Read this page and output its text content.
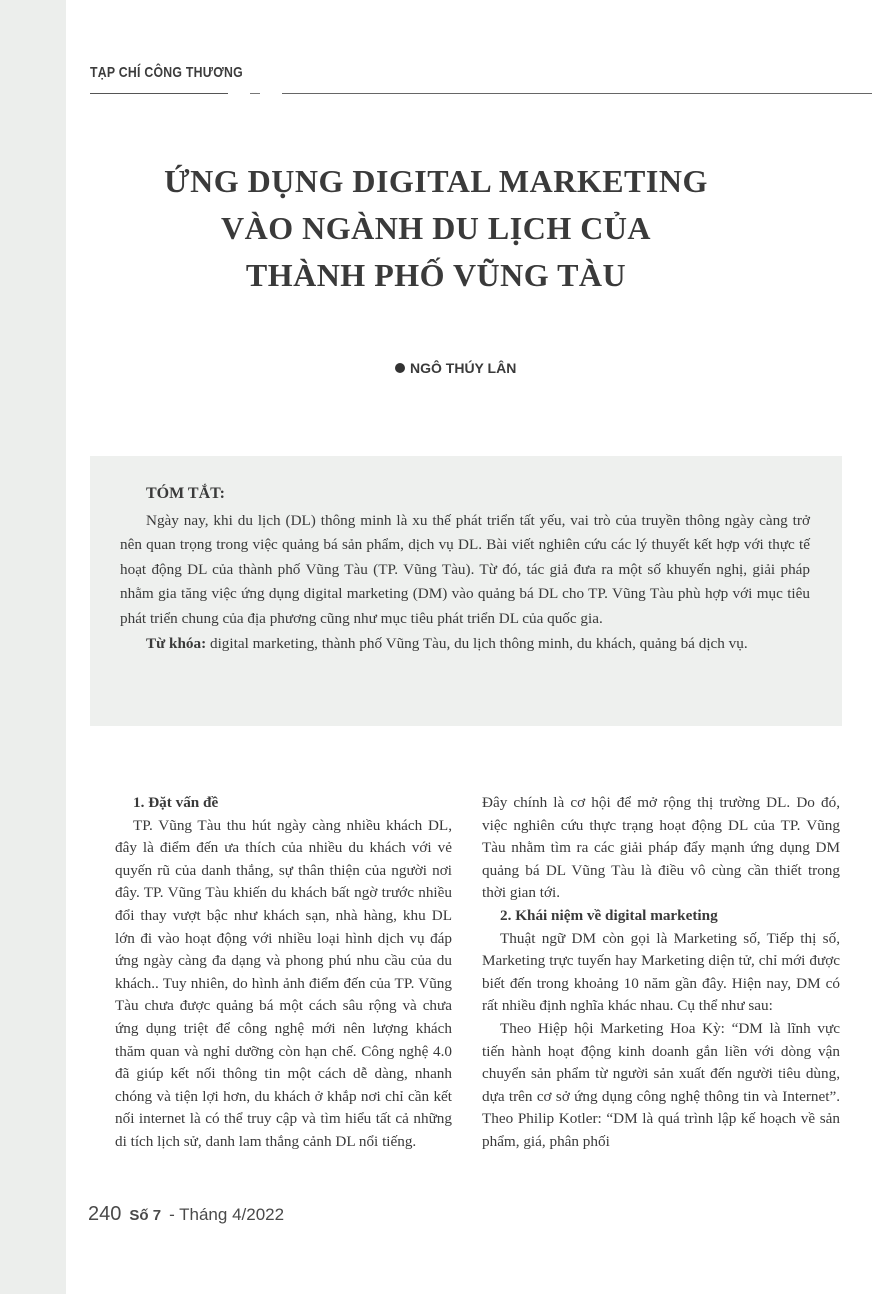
TẠP CHÍ CÔNG THƯƠNG
ỨNG DỤNG DIGITAL MARKETING
VÀO NGÀNH DU LỊCH CỦA
THÀNH PHỐ VŨNG TÀU
NGÔ THÚY LÂN
TÓM TẮT:

Ngày nay, khi du lịch (DL) thông minh là xu thế phát triển tất yếu, vai trò của truyền thông ngày càng trở nên quan trọng trong việc quảng bá sản phẩm, dịch vụ DL. Bài viết nghiên cứu các lý thuyết kết hợp với thực tế hoạt động DL của thành phố Vũng Tàu (TP. Vũng Tàu). Từ đó, tác giả đưa ra một số khuyến nghị, giải pháp nhằm gia tăng việc ứng dụng digital marketing (DM) vào quảng bá DL cho TP. Vũng Tàu phù hợp với mục tiêu phát triển chung của địa phương cũng như mục tiêu phát triển DL của quốc gia.

Từ khóa: digital marketing, thành phố Vũng Tàu, du lịch thông minh, du khách, quảng bá dịch vụ.

1. Đặt vấn đề

TP. Vũng Tàu thu hút ngày càng nhiều khách DL, đây là điểm đến ưa thích của nhiều du khách với vẻ quyến rũ của danh thắng, sự thân thiện của người nơi đây. TP. Vũng Tàu khiến du khách bất ngờ trước nhiều đổi thay vượt bậc như khách sạn, nhà hàng, khu DL lớn đi vào hoạt động với nhiều loại hình dịch vụ đáp ứng ngày càng đa dạng và phong phú nhu cầu của du khách.. Tuy nhiên, do hình ảnh điểm đến của TP. Vũng Tàu chưa được quảng bá một cách sâu rộng và chưa ứng dụng triệt để công nghệ mới nên lượng khách thăm quan và nghỉ dưỡng còn hạn chế. Công nghệ 4.0 đã giúp kết nối thông tin một cách dễ dàng, nhanh chóng và tiện lợi hơn, du khách ở khắp nơi chỉ cần kết nối internet là có thể truy cập và tìm hiểu tất cả những di tích lịch sử, danh lam thắng cảnh DL nổi tiếng.

Đây chính là cơ hội để mở rộng thị trường DL. Do đó, việc nghiên cứu thực trạng hoạt động DL của TP. Vũng Tàu nhằm tìm ra các giải pháp đẩy mạnh ứng dụng DM quảng bá DL Vũng Tàu là điều vô cùng cần thiết trong thời gian tới.

2. Khái niệm về digital marketing

Thuật ngữ DM còn gọi là Marketing số, Tiếp thị số, Marketing trực tuyến hay Marketing diện tử, chỉ mới được biết đến trong khoảng 10 năm gần đây. Hiện nay, DM có rất nhiều định nghĩa khác nhau. Cụ thể như sau:

Theo Hiệp hội Marketing Hoa Kỳ: “DM là lĩnh vực tiến hành hoạt động kinh doanh gắn liền với dòng vận chuyển sản phẩm từ người sản xuất đến người tiêu dùng, dựa trên cơ sở ứng dụng công nghệ thông tin và Internet”. Theo Philip Kotler: “DM là quá trình lập kế hoạch về sản phẩm, giá, phân phối

240 Số 7 - Tháng 4/2022
